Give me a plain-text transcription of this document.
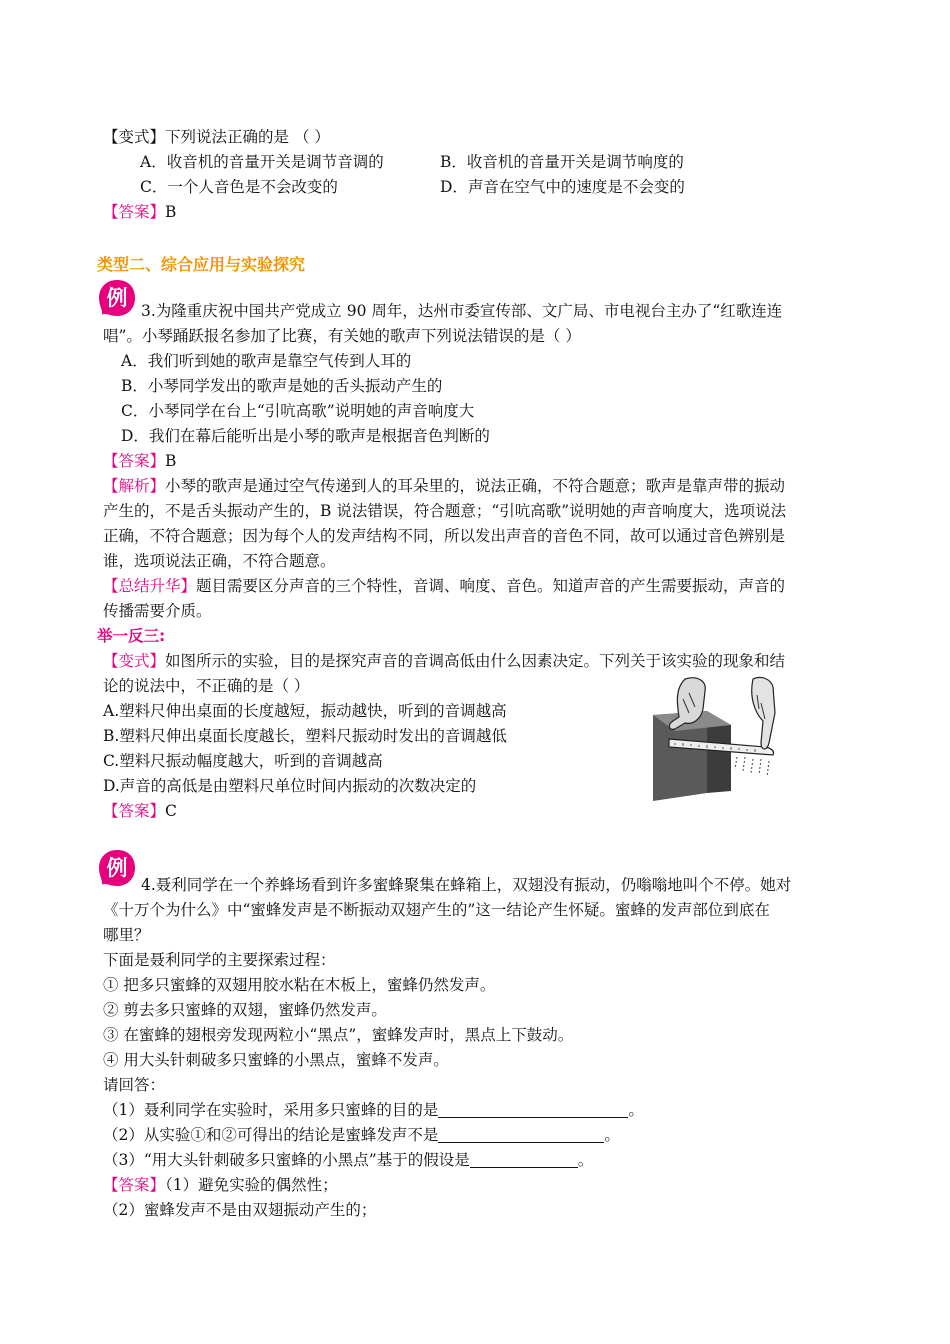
【变式】下列说法正确的是 （ ）
A．收音机的音量开关是调节音调的	B．收音机的音量开关是调节响度的
C．一个人音色是不会改变的	D．声音在空气中的速度是不会变的
【答案】B
类型二、综合应用与实验探究
例
3.为隆重庆祝中国共产党成立 90 周年，达州市委宣传部、文广局、市电视台主办了“红歌连连
唱”。小琴踊跃报名参加了比赛，有关她的歌声下列说法错误的是（ ）
A．我们听到她的歌声是靠空气传到人耳的
B．小琴同学发出的歌声是她的舌头振动产生的
C．小琴同学在台上“引吭高歌”说明她的声音响度大
D．我们在幕后能听出是小琴的歌声是根据音色判断的
【答案】B
【解析】小琴的歌声是通过空气传递到人的耳朵里的，说法正确，不符合题意；歌声是靠声带的振动
产生的，不是舌头振动产生的，B 说法错误，符合题意；“引吭高歌”说明她的声音响度大，选项说法
正确，不符合题意；因为每个人的发声结构不同，所以发出声音的音色不同，故可以通过音色辨别是
谁，选项说法正确，不符合题意。
【总结升华】题目需要区分声音的三个特性，音调、响度、音色。知道声音的产生需要振动，声音的
传播需要介质。
举一反三:
【变式】如图所示的实验，目的是探究声音的音调高低由什么因素决定。下列关于该实验的现象和结
论的说法中，不正确的是（ ）
A.塑料尺伸出桌面的长度越短，振动越快，听到的音调越高
B.塑料尺伸出桌面长度越长，塑料尺振动时发出的音调越低
C.塑料尺振动幅度越大，听到的音调越高
D.声音的高低是由塑料尺单位时间内振动的次数决定的
【答案】C
例
4.聂利同学在一个养蜂场看到许多蜜蜂聚集在蜂箱上，双翅没有振动，仍嗡嗡地叫个不停。她对
《十万个为什么》中“蜜蜂发声是不断振动双翅产生的”这一结论产生怀疑。蜜蜂的发声部位到底在
哪里？
下面是聂利同学的主要探索过程：
① 把多只蜜蜂的双翅用胶水粘在木板上，蜜蜂仍然发声。
② 剪去多只蜜蜂的双翅，蜜蜂仍然发声。
③ 在蜜蜂的翅根旁发现两粒小“黑点”，蜜蜂发声时，黑点上下鼓动。
④ 用大头针刺破多只蜜蜂的小黑点，蜜蜂不发声。
请回答：
（1）聂利同学在实验时，采用多只蜜蜂的目的是	。
（2）从实验①和②可得出的结论是蜜蜂发声不是	。
（3）“用大头针刺破多只蜜蜂的小黑点”基于的假设是	。
【答案】（1）避免实验的偶然性；
（2）蜜蜂发声不是由双翅振动产生的；
